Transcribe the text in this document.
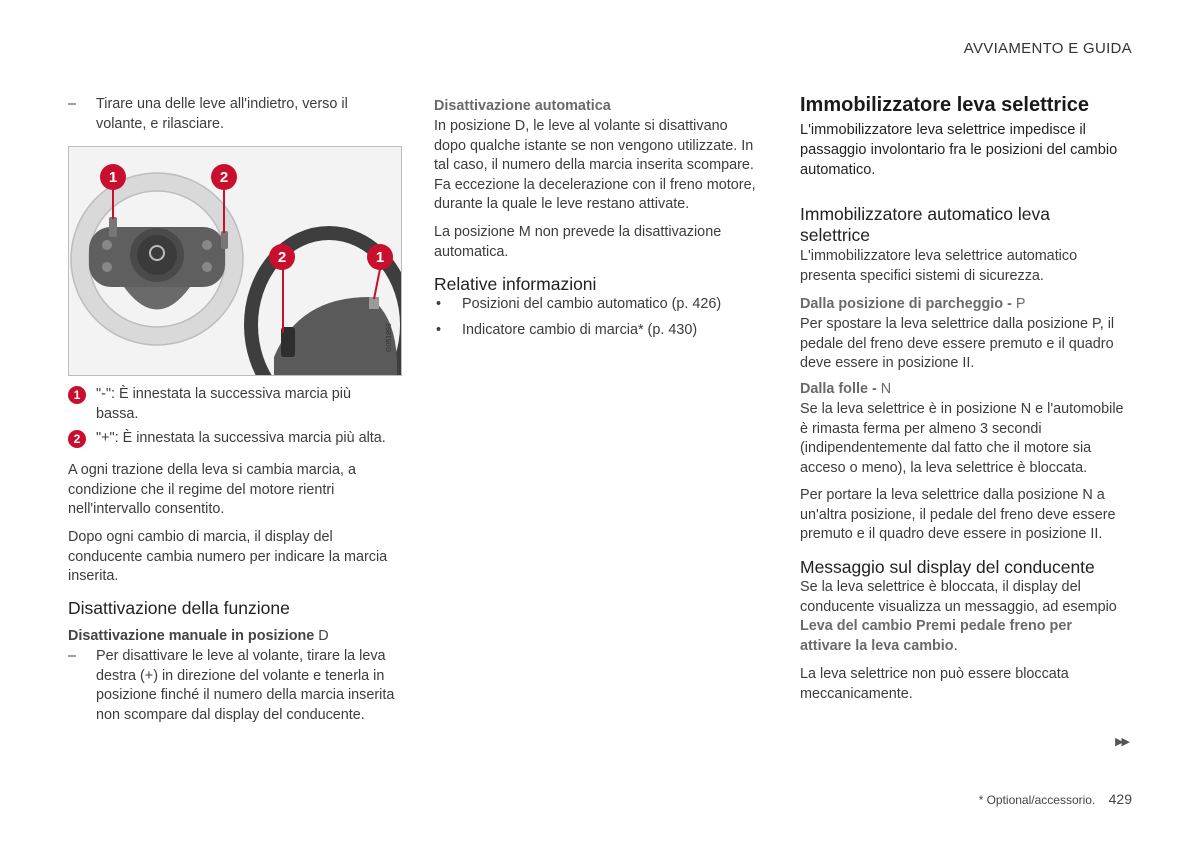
AVVIAMENTO E GUIDA
– Tirare una delle leve all'indietro, verso il volante, e rilasciare.
1	2
2	1
G051893
1	"-": È innestata la successiva marcia più bassa.
2	"+": È innestata la successiva marcia più alta.

A ogni trazione della leva si cambia marcia, a condizione che il regime del motore rientri nell'intervallo consentito.

Dopo ogni cambio di marcia, il display del conducente cambia numero per indicare la marcia inserita.

Disattivazione della funzione
Disattivazione manuale in posizione D
– Per disattivare le leve al volante, tirare la leva destra (+) in direzione del volante e tenerla in posizione finché il numero della marcia inserita non scompare dal display del conducente.
Disattivazione automatica

In posizione D, le leve al volante si disattivano dopo qualche istante se non vengono utilizzate. In tal caso, il numero della marcia inserita scompare. Fa eccezione la decelerazione con il freno motore, durante la quale le leve restano attivate.

La posizione M non prevede la disattivazione automatica.

Relative informazioni
• Posizioni del cambio automatico (p. 426)
• Indicatore cambio di marcia* (p. 430)
Immobilizzatore leva selettrice

L'immobilizzatore leva selettrice impedisce il passaggio involontario fra le posizioni del cambio automatico.

Immobilizzatore automatico leva selettrice

L'immobilizzatore leva selettrice automatico presenta specifici sistemi di sicurezza.

Dalla posizione di parcheggio - P

Per spostare la leva selettrice dalla posizione P, il pedale del freno deve essere premuto e il quadro deve essere in posizione II.

Dalla folle - N

Se la leva selettrice è in posizione N e l'automobile è rimasta ferma per almeno 3 secondi (indipendentemente dal fatto che il motore sia acceso o meno), la leva selettrice è bloccata.

Per portare la leva selettrice dalla posizione N a un'altra posizione, il pedale del freno deve essere premuto e il quadro deve essere in posizione II.

Messaggio sul display del conducente

Se la leva selettrice è bloccata, il display del conducente visualizza un messaggio, ad esempio Leva del cambio Premi pedale freno per attivare la leva cambio.

La leva selettrice non può essere bloccata meccanicamente.

▶▶
* Optional/accessorio. 429
